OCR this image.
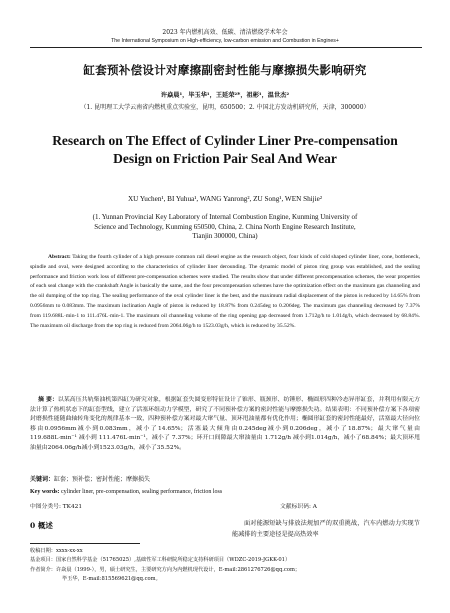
2023 年内燃机高效、低碳、清洁燃烧学术年会
The International Symposium on High-efficiency, low-carbon emission and Combustion in Engines+
缸套预补偿设计对摩擦副密封性能与摩擦损失影响研究
许焱晨¹，毕玉华¹，王延荣²*，祖彬¹，温世杰²
（1. 昆明理工大学云南省内燃机重点实验室，昆明，650500；2. 中国北方发动机研究所，天津，300000）
Research on The Effect of Cylinder Liner Pre-compensation Design on Friction Pair Seal And Wear
XU Yuchen¹, BI Yuhua¹, WANG Yanrong², ZU Song¹, WEN Shijie²
(1. Yunnan Provincial Key Laboratory of Internal Combustion Engine, Kunming University of Science and Technology, Kunming 650500, China, 2. China North Engine Research Institute, Tianjin 300000, China)
Abstract: Taking the fourth cylinder of a high pressure common rail diesel engine as the research object, four kinds of cold shaped cylinder liner, cone, bottleneck, spindle and oval, were designed according to the characteristics of cylinder liner derounding. The dynamic model of piston ring group was established, and the sealing performance and friction work loss of different pre-compensation schemes were studied. The results show that under different precompensation schemes, the wear properties of each seal change with the crankshaft Angle is basically the same, and the four precompensation schemes have the optimization effect on the maximum gas channeling and the oil dumping of the top ring. The sealing performance of the oval cylinder liner is the best, and the maximum radial displacement of the piston is reduced by 14.65% from 0.0956mm to 0.083mm. The maximum inclination Angle of piston is reduced by 18.87% from 0.245deg to 0.206deg. The maximum gas channeling decreased by 7.37% from 119.688L·min-1 to 111.476L·min-1. The maximum oil channeling volume of the ring opening gap decreased from 1.712g/h to 1.014g/h, which decreased by 68.84%. The maximum oil discharge from the top ring is reduced from 2064.06g/h to 1523.03g/h, which is reduced by 35.52%.
摘 要：以某高压共轨柴油机第四缸为研究对象，根据缸套失圆变形特征设计了锥形、瓶颈形、纺锤形、椭圆形四种冷态异形缸套，并利用有限元方法计算了热机状态下的缸套型线，建立了活塞环组动力学模型，研究了不同预补偿方案的密封性能与摩擦损失功。结果表明：不同预补偿方案下各项密封磨损性能随曲轴转角变化的规律基本一致，四种预补偿方案对最大窜气量、顶环甩油量都有优化作用；椭圆形缸套的密封性能最好，活塞最大径向位移由0.0956mm减小到0.083mm，减小了14.65%；活塞最大倾角由0.245deg减小到0.206deg，减小了18.87%；最大窜气量由 119.688L·min⁻¹ 减小到 111.476L·min⁻¹，减小了 7.37%；环开口间隙最大窜油量由 1.712g/h 减小到1.014g/h，减小了68.84%；最大顶环甩油量由2064.06g/h减小到1523.03g/h，减小了35.52%。
关键词：缸套；预补偿；密封性能；摩擦损失
Key words: cylinder liner, pre-compensation, sealing performance, friction loss
中图分类号: TK421	文献标识码: A
0 概述	面对能源短缺与排放法规加严的双重挑战，汽车内燃动力实现节能减排的主要途径是提高热效率
收稿日期：xxxx-xx-xx
基金项目：国家自然科学基金（51765025）,基础性军工科研院所稳定支持科研项目（WDZC-2019-JGKK-01）
作者简介：许焱晨（1999-），男，硕士研究生，主要研究方向为内燃机现代设计，E-mail:2861276726@qq.com；
毕玉华，E-mail:815569621@qq.com。
